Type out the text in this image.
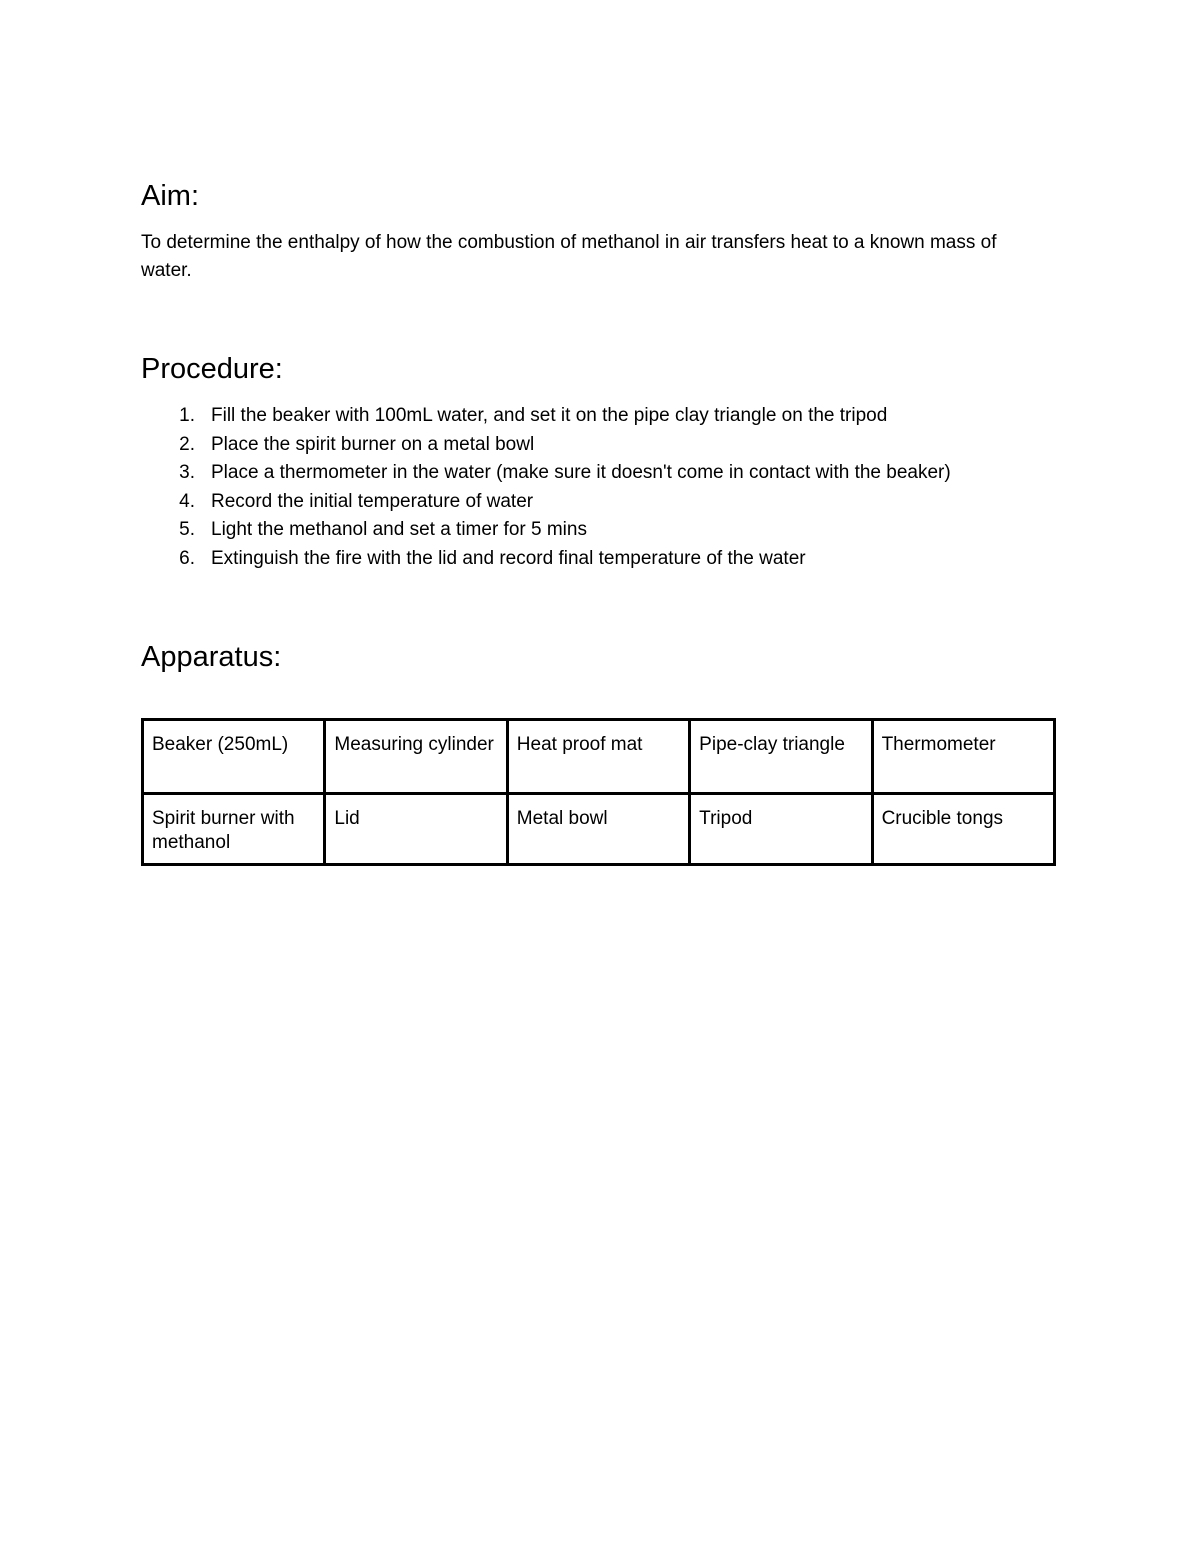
Aim:

To determine the enthalpy of how the combustion of methanol in air transfers heat to a known mass of water.

Procedure:
1. Fill the beaker with 100mL water, and set it on the pipe clay triangle on the tripod
2. Place the spirit burner on a metal bowl
3. Place a thermometer in the water (make sure it doesn't come in contact with the beaker)
4. Record the initial temperature of water
5. Light the methanol and set a timer for 5 mins
6. Extinguish the fire with the lid and record final temperature of the water
Apparatus:
Beaker (250mL)	Measuring cylinder	Heat proof mat	Pipe-clay triangle	Thermometer
Spirit burner with methanol	Lid	Metal bowl	Tripod	Crucible tongs
